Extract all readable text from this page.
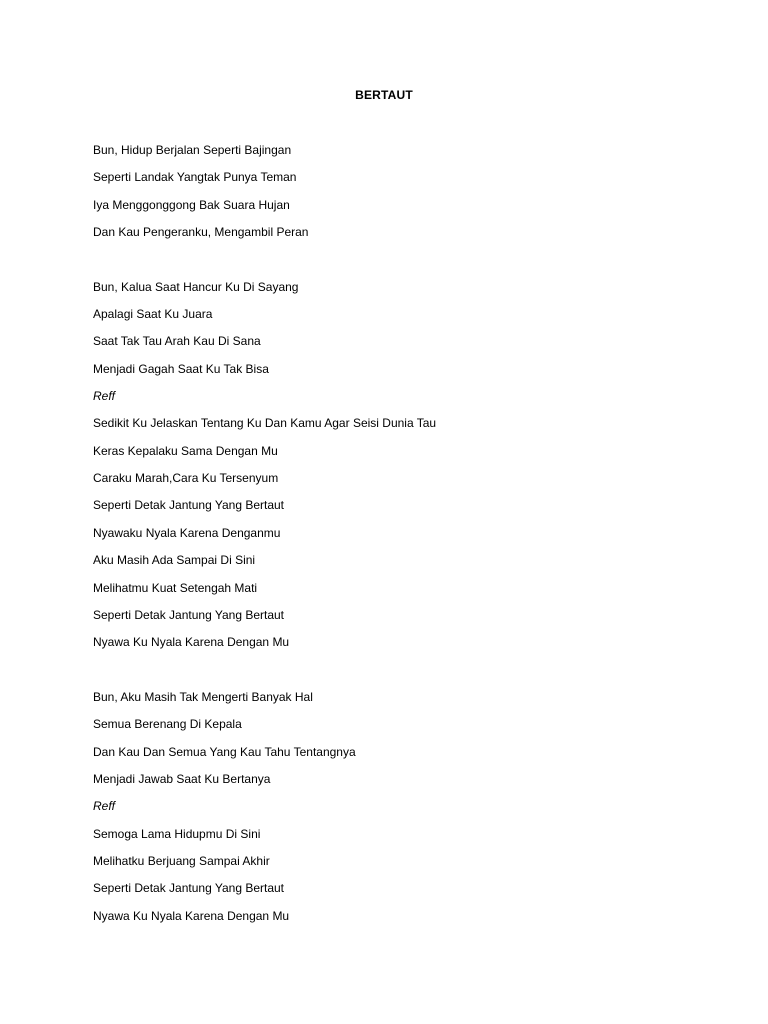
BERTAUT
Bun, Hidup Berjalan Seperti Bajingan
Seperti Landak Yangtak Punya Teman
Iya Menggonggong Bak Suara Hujan
Dan Kau Pengeranku, Mengambil Peran
Bun, Kalua Saat Hancur Ku Di Sayang
Apalagi Saat Ku Juara
Saat Tak Tau Arah Kau Di Sana
Menjadi Gagah Saat Ku Tak Bisa
Reff
Sedikit Ku Jelaskan Tentang Ku Dan Kamu Agar Seisi Dunia Tau
Keras Kepalaku Sama Dengan Mu
Caraku Marah,Cara Ku Tersenyum
Seperti Detak Jantung Yang Bertaut
Nyawaku Nyala Karena Denganmu
Aku Masih Ada Sampai Di Sini
Melihatmu Kuat Setengah Mati
Seperti Detak Jantung Yang Bertaut
Nyawa Ku Nyala Karena Dengan Mu
Bun, Aku Masih Tak Mengerti Banyak Hal
Semua Berenang Di Kepala
Dan Kau Dan Semua Yang Kau Tahu Tentangnya
Menjadi Jawab Saat Ku Bertanya
Reff
Semoga Lama Hidupmu Di Sini
Melihatku Berjuang Sampai Akhir
Seperti Detak Jantung Yang Bertaut
Nyawa Ku Nyala Karena Dengan Mu
